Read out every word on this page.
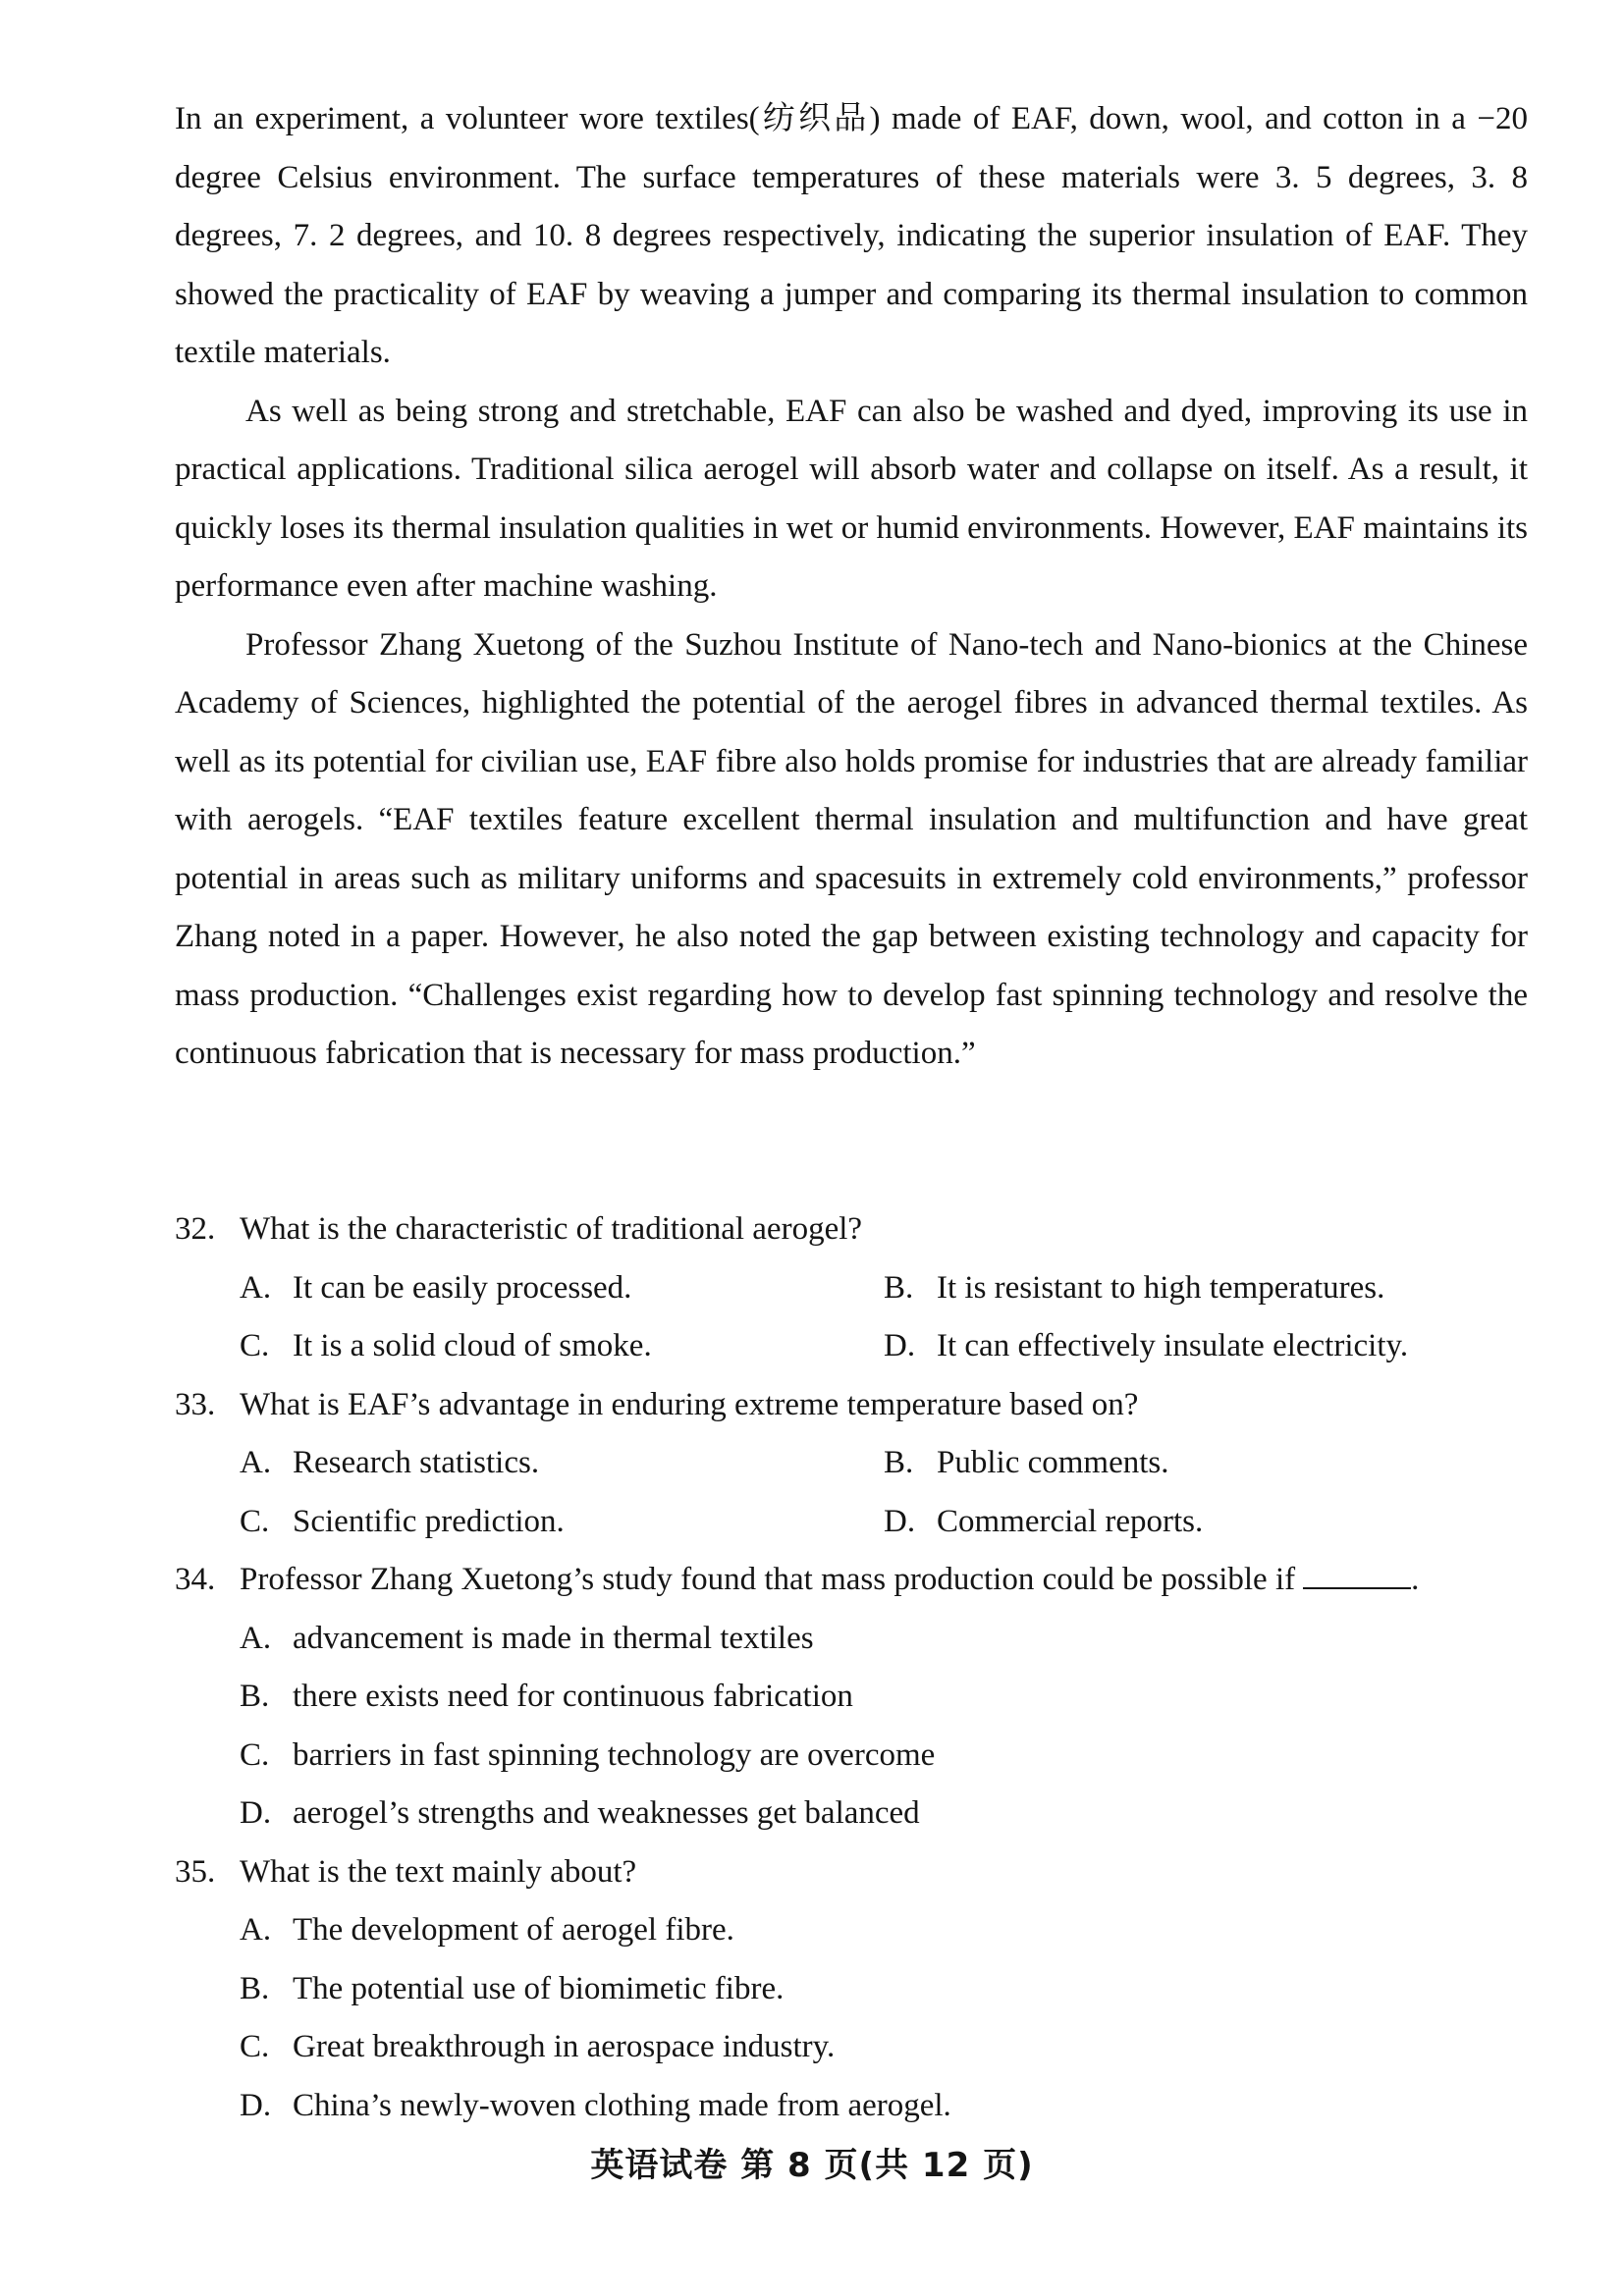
In an experiment, a volunteer wore textiles(纺织品) made of EAF, down, wool, and cotton in a −20 degree Celsius environment. The surface temperatures of these materials were 3. 5 degrees, 3. 8 degrees, 7. 2 degrees, and 10. 8 degrees respectively, indicating the superior insulation of EAF. They showed the practicality of EAF by weaving a jumper and comparing its thermal insulation to common textile materials.

As well as being strong and stretchable, EAF can also be washed and dyed, improving its use in practical applications. Traditional silica aerogel will absorb water and collapse on itself. As a result, it quickly loses its thermal insulation qualities in wet or humid environments. However, EAF maintains its performance even after machine washing.

Professor Zhang Xuetong of the Suzhou Institute of Nano-tech and Nano-bionics at the Chinese Academy of Sciences, highlighted the potential of the aerogel fibres in advanced thermal textiles. As well as its potential for civilian use, EAF fibre also holds promise for industries that are already familiar with aerogels. “EAF textiles feature excellent thermal insulation and multifunction and have great potential in areas such as military uniforms and spacesuits in extremely cold environments,” professor Zhang noted in a paper. However, he also noted the gap between existing technology and capacity for mass production. “Challenges exist regarding how to develop fast spinning technology and resolve the continuous fabrication that is necessary for mass production.”

32. What is the characteristic of traditional aerogel?
A. It can be easily processed.	B. It is resistant to high temperatures.
C. It is a solid cloud of smoke.	D. It can effectively insulate electricity.
33. What is EAF’s advantage in enduring extreme temperature based on?
A. Research statistics.	B. Public comments.
C. Scientific prediction.	D. Commercial reports.
34. Professor Zhang Xuetong’s study found that mass production could be possible if	.
A. advancement is made in thermal textiles
B. there exists need for continuous fabrication
C. barriers in fast spinning technology are overcome
D. aerogel’s strengths and weaknesses get balanced
35. What is the text mainly about?
A. The development of aerogel fibre.
B. The potential use of biomimetic fibre.
C. Great breakthrough in aerospace industry.
D. China’s newly-woven clothing made from aerogel.
英语试卷 第 8 页(共 12 页)
